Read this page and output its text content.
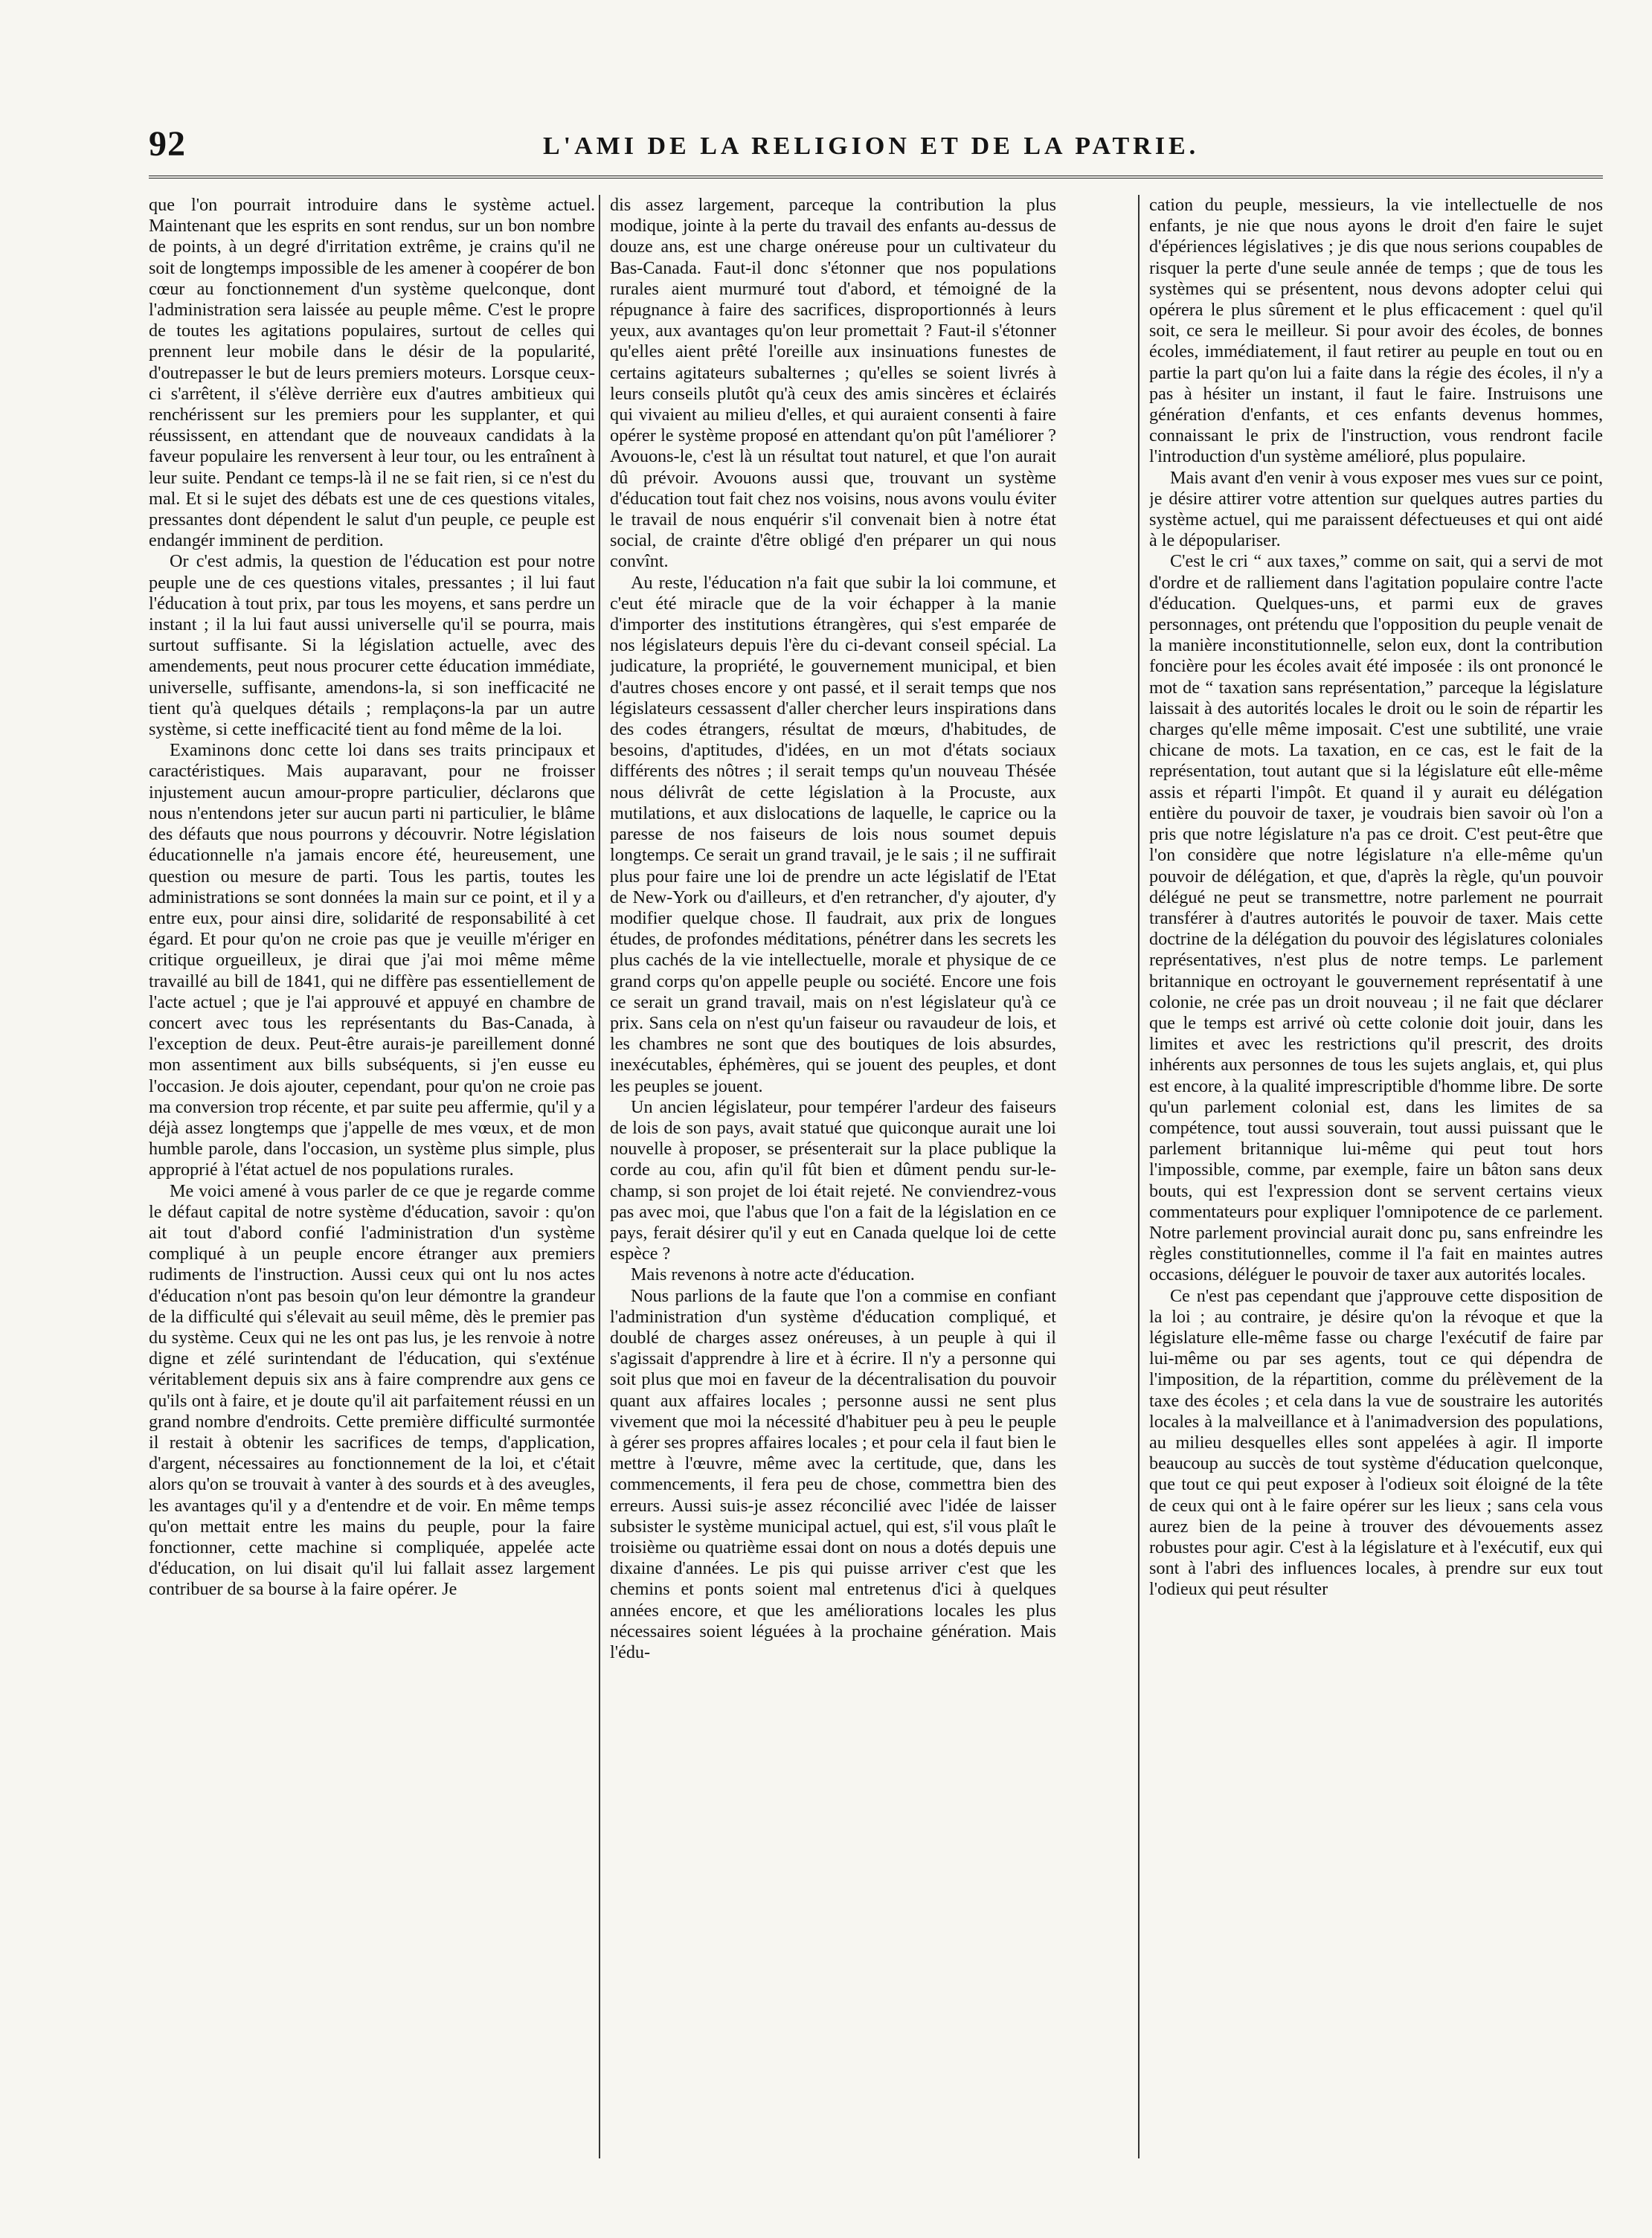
92	L'AMI DE LA RELIGION ET DE LA PATRIE.

que l'on pourrait introduire dans le système actuel. Maintenant que les esprits en sont rendus, sur un bon nombre de points, à un degré d'irritation extrême, je crains qu'il ne soit de longtemps impossible de les amener à coopérer de bon cœur au fonctionnement d'un système quelconque, dont l'administration sera laissée au peuple même. C'est le propre de toutes les agitations populaires, surtout de celles qui prennent leur mobile dans le désir de la popularité, d'outrepasser le but de leurs premiers moteurs. Lorsque ceux-ci s'arrêtent, il s'élève derrière eux d'autres ambitieux qui renchérissent sur les premiers pour les supplanter, et qui réussissent, en attendant que de nouveaux candidats à la faveur populaire les renversent à leur tour, ou les entraînent à leur suite. Pendant ce temps-là il ne se fait rien, si ce n'est du mal. Et si le sujet des débats est une de ces questions vitales, pressantes dont dépendent le salut d'un peuple, ce peuple est endangér imminent de perdition.

Or c'est admis, la question de l'éducation est pour notre peuple une de ces questions vitales, pressantes ; il lui faut l'éducation à tout prix, par tous les moyens, et sans perdre un instant ; il la lui faut aussi universelle qu'il se pourra, mais surtout suffisante. Si la législation actuelle, avec des amendements, peut nous procurer cette éducation immédiate, universelle, suffisante, amendons-la, si son inefficacité ne tient qu'à quelques détails ; remplaçons-la par un autre système, si cette inefficacité tient au fond même de la loi.

Examinons donc cette loi dans ses traits principaux et caractéristiques. Mais auparavant, pour ne froisser injustement aucun amour-propre particulier, déclarons que nous n'entendons jeter sur aucun parti ni particulier, le blâme des défauts que nous pourrons y découvrir. Notre législation éducationnelle n'a jamais encore été, heureusement, une question ou mesure de parti. Tous les partis, toutes les administrations se sont données la main sur ce point, et il y a entre eux, pour ainsi dire, solidarité de responsabilité à cet égard. Et pour qu'on ne croie pas que je veuille m'ériger en critique orgueilleux, je dirai que j'ai moi même même travaillé au bill de 1841, qui ne diffère pas essentiellement de l'acte actuel ; que je l'ai approuvé et appuyé en chambre de concert avec tous les représentants du Bas-Canada, à l'exception de deux. Peut-être aurais-je pareillement donné mon assentiment aux bills subséquents, si j'en eusse eu l'occasion. Je dois ajouter, cependant, pour qu'on ne croie pas ma conversion trop récente, et par suite peu affermie, qu'il y a déjà assez longtemps que j'appelle de mes vœux, et de mon humble parole, dans l'occasion, un système plus simple, plus approprié à l'état actuel de nos populations rurales.

Me voici amené à vous parler de ce que je regarde comme le défaut capital de notre système d'éducation, savoir : qu'on ait tout d'abord confié l'administration d'un système compliqué à un peuple encore étranger aux premiers rudiments de l'instruction. Aussi ceux qui ont lu nos actes d'éducation n'ont pas besoin qu'on leur démontre la grandeur de la difficulté qui s'élevait au seuil même, dès le premier pas du système. Ceux qui ne les ont pas lus, je les renvoie à notre digne et zélé surintendant de l'éducation, qui s'exténue véritablement depuis six ans à faire comprendre aux gens ce qu'ils ont à faire, et je doute qu'il ait parfaitement réussi en un grand nombre d'endroits. Cette première difficulté surmontée il restait à obtenir les sacrifices de temps, d'application, d'argent, nécessaires au fonctionnement de la loi, et c'était alors qu'on se trouvait à vanter à des sourds et à des aveugles, les avantages qu'il y a d'entendre et de voir. En même temps qu'on mettait entre les mains du peuple, pour la faire fonctionner, cette machine si compliquée, appelée acte d'éducation, on lui disait qu'il lui fallait assez largement contribuer de sa bourse à la faire opérer. Je

dis assez largement, parceque la contribution la plus modique, jointe à la perte du travail des enfants au-dessus de douze ans, est une charge onéreuse pour un cultivateur du Bas-Canada. Faut-il donc s'étonner que nos populations rurales aient murmuré tout d'abord, et témoigné de la répugnance à faire des sacrifices, disproportionnés à leurs yeux, aux avantages qu'on leur promettait ? Faut-il s'étonner qu'elles aient prêté l'oreille aux insinuations funestes de certains agitateurs subalternes ; qu'elles se soient livrés à leurs conseils plutôt qu'à ceux des amis sincères et éclairés qui vivaient au milieu d'elles, et qui auraient consenti à faire opérer le système proposé en attendant qu'on pût l'améliorer ? Avouons-le, c'est là un résultat tout naturel, et que l'on aurait dû prévoir. Avouons aussi que, trouvant un système d'éducation tout fait chez nos voisins, nous avons voulu éviter le travail de nous enquérir s'il convenait bien à notre état social, de crainte d'être obligé d'en préparer un qui nous convînt.

Au reste, l'éducation n'a fait que subir la loi commune, et c'eut été miracle que de la voir échapper à la manie d'importer des institutions étrangères, qui s'est emparée de nos législateurs depuis l'ère du ci-devant conseil spécial. La judicature, la propriété, le gouvernement municipal, et bien d'autres choses encore y ont passé, et il serait temps que nos législateurs cessassent d'aller chercher leurs inspirations dans des codes étrangers, résultat de mœurs, d'habitudes, de besoins, d'aptitudes, d'idées, en un mot d'états sociaux différents des nôtres ; il serait temps qu'un nouveau Thésée nous délivrât de cette législation à la Procuste, aux mutilations, et aux dislocations de laquelle, le caprice ou la paresse de nos faiseurs de lois nous soumet depuis longtemps. Ce serait un grand travail, je le sais ; il ne suffirait plus pour faire une loi de prendre un acte législatif de l'Etat de New-York ou d'ailleurs, et d'en retrancher, d'y ajouter, d'y modifier quelque chose. Il faudrait, aux prix de longues études, de profondes méditations, pénétrer dans les secrets les plus cachés de la vie intellectuelle, morale et physique de ce grand corps qu'on appelle peuple ou société. Encore une fois ce serait un grand travail, mais on n'est législateur qu'à ce prix. Sans cela on n'est qu'un faiseur ou ravaudeur de lois, et les chambres ne sont que des boutiques de lois absurdes, inexécutables, éphémères, qui se jouent des peuples, et dont les peuples se jouent.

Un ancien législateur, pour tempérer l'ardeur des faiseurs de lois de son pays, avait statué que quiconque aurait une loi nouvelle à proposer, se présenterait sur la place publique la corde au cou, afin qu'il fût bien et dûment pendu sur-le-champ, si son projet de loi était rejeté. Ne conviendrez-vous pas avec moi, que l'abus que l'on a fait de la législation en ce pays, ferait désirer qu'il y eut en Canada quelque loi de cette espèce ?

Mais revenons à notre acte d'éducation.

Nous parlions de la faute que l'on a commise en confiant l'administration d'un système d'éducation compliqué, et doublé de charges assez onéreuses, à un peuple à qui il s'agissait d'apprendre à lire et à écrire. Il n'y a personne qui soit plus que moi en faveur de la décentralisation du pouvoir quant aux affaires locales ; personne aussi ne sent plus vivement que moi la nécessité d'habituer peu à peu le peuple à gérer ses propres affaires locales ; et pour cela il faut bien le mettre à l'œuvre, même avec la certitude, que, dans les commencements, il fera peu de chose, commettra bien des erreurs. Aussi suis-je assez réconcilié avec l'idée de laisser subsister le système municipal actuel, qui est, s'il vous plaît le troisième ou quatrième essai dont on nous a dotés depuis une dixaine d'années. Le pis qui puisse arriver c'est que les chemins et ponts soient mal entretenus d'ici à quelques années encore, et que les améliorations locales les plus nécessaires soient léguées à la prochaine génération. Mais l'édu-

cation du peuple, messieurs, la vie intellectuelle de nos enfants, je nie que nous ayons le droit d'en faire le sujet d'épériences législatives ; je dis que nous serions coupables de risquer la perte d'une seule année de temps ; que de tous les systèmes qui se présentent, nous devons adopter celui qui opérera le plus sûrement et le plus efficacement : quel qu'il soit, ce sera le meilleur. Si pour avoir des écoles, de bonnes écoles, immédiatement, il faut retirer au peuple en tout ou en partie la part qu'on lui a faite dans la régie des écoles, il n'y a pas à hésiter un instant, il faut le faire. Instruisons une génération d'enfants, et ces enfants devenus hommes, connaissant le prix de l'instruction, vous rendront facile l'introduction d'un système amélioré, plus populaire.

Mais avant d'en venir à vous exposer mes vues sur ce point, je désire attirer votre attention sur quelques autres parties du système actuel, qui me paraissent défectueuses et qui ont aidé à le dépopulariser.

C'est le cri “ aux taxes,” comme on sait, qui a servi de mot d'ordre et de ralliement dans l'agitation populaire contre l'acte d'éducation. Quelques-uns, et parmi eux de graves personnages, ont prétendu que l'opposition du peuple venait de la manière inconstitutionnelle, selon eux, dont la contribution foncière pour les écoles avait été imposée : ils ont prononcé le mot de “ taxation sans représentation,” parceque la législature laissait à des autorités locales le droit ou le soin de répartir les charges qu'elle même imposait. C'est une subtilité, une vraie chicane de mots. La taxation, en ce cas, est le fait de la représentation, tout autant que si la législature eût elle-même assis et réparti l'impôt. Et quand il y aurait eu délégation entière du pouvoir de taxer, je voudrais bien savoir où l'on a pris que notre législature n'a pas ce droit. C'est peut-être que l'on considère que notre législature n'a elle-même qu'un pouvoir de délégation, et que, d'après la règle, qu'un pouvoir délégué ne peut se transmettre, notre parlement ne pourrait transférer à d'autres autorités le pouvoir de taxer. Mais cette doctrine de la délégation du pouvoir des législatures coloniales représentatives, n'est plus de notre temps. Le parlement britannique en octroyant le gouvernement représentatif à une colonie, ne crée pas un droit nouveau ; il ne fait que déclarer que le temps est arrivé où cette colonie doit jouir, dans les limites et avec les restrictions qu'il prescrit, des droits inhérents aux personnes de tous les sujets anglais, et, qui plus est encore, à la qualité imprescriptible d'homme libre. De sorte qu'un parlement colonial est, dans les limites de sa compétence, tout aussi souverain, tout aussi puissant que le parlement britannique lui-même qui peut tout hors l'impossible, comme, par exemple, faire un bâton sans deux bouts, qui est l'expression dont se servent certains vieux commentateurs pour expliquer l'omnipotence de ce parlement. Notre parlement provincial aurait donc pu, sans enfreindre les règles constitutionnelles, comme il l'a fait en maintes autres occasions, déléguer le pouvoir de taxer aux autorités locales.

Ce n'est pas cependant que j'approuve cette disposition de la loi ; au contraire, je désire qu'on la révoque et que la législature elle-même fasse ou charge l'exécutif de faire par lui-même ou par ses agents, tout ce qui dépendra de l'imposition, de la répartition, comme du prélèvement de la taxe des écoles ; et cela dans la vue de soustraire les autorités locales à la malveillance et à l'animadversion des populations, au milieu desquelles elles sont appelées à agir. Il importe beaucoup au succès de tout système d'éducation quelconque, que tout ce qui peut exposer à l'odieux soit éloigné de la tête de ceux qui ont à le faire opérer sur les lieux ; sans cela vous aurez bien de la peine à trouver des dévouements assez robustes pour agir. C'est à la législature et à l'exécutif, eux qui sont à l'abri des influences locales, à prendre sur eux tout l'odieux qui peut résulter
